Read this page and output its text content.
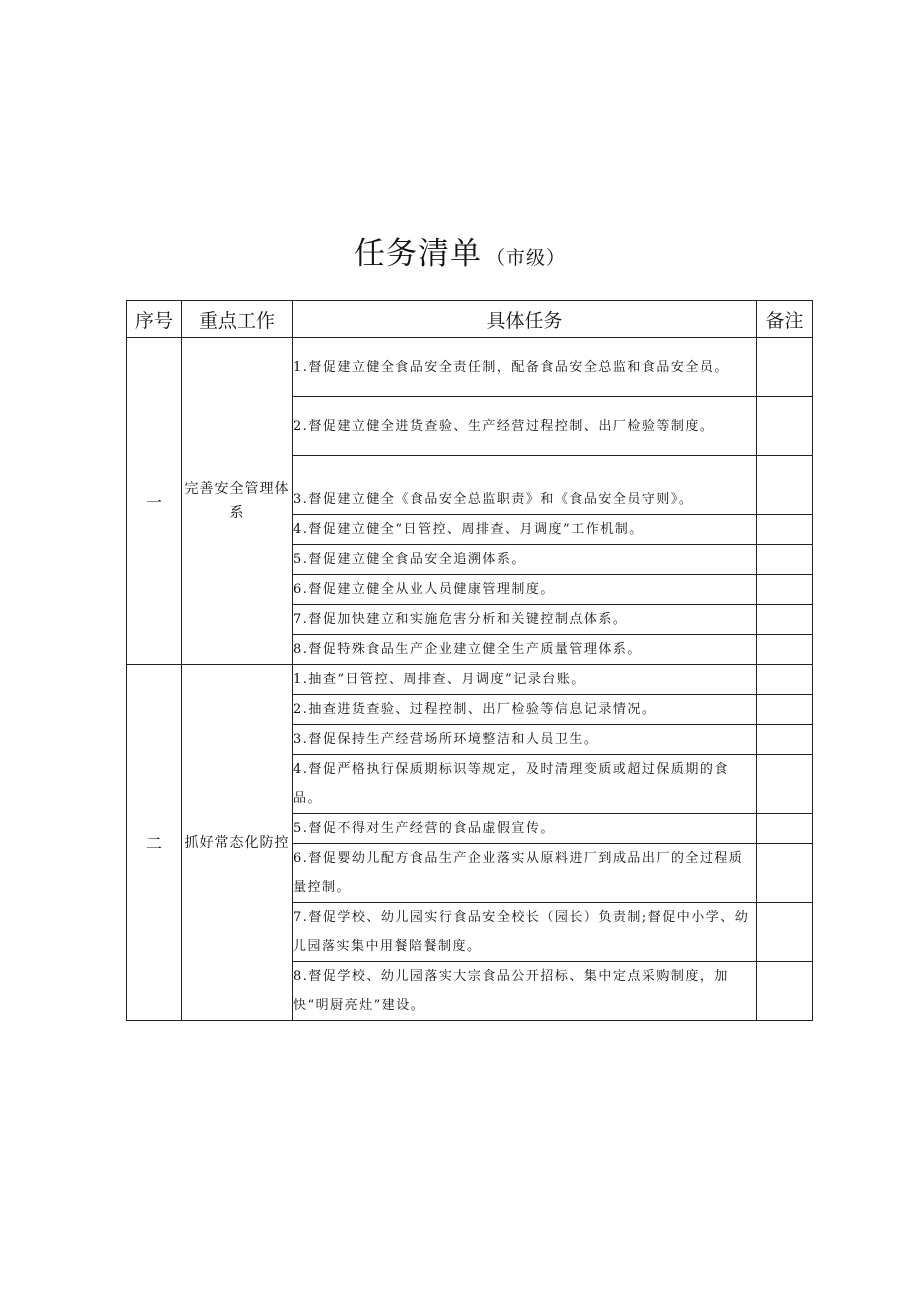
任务清单 （市级）
序号	重点工作	具体任务	备注
一	完善安全管理体系	1.督促建立健全食品安全责任制，配备食品安全总监和食品安全员。	
		2.督促建立健全进货查验、生产经营过程控制、出厂检验等制度。	
		3.督促建立健全《食品安全总监职责》和《食品安全员守则》。	
		4.督促建立健全“日管控、周排查、月调度”工作机制。	
		5.督促建立健全食品安全追溯体系。	
		6.督促建立健全从业人员健康管理制度。	
		7.督促加快建立和实施危害分析和关键控制点体系。	
		8.督促特殊食品生产企业建立健全生产质量管理体系。	
二	抓好常态化防控	1.抽查“日管控、周排查、月调度”记录台账。	
		2.抽查进货查验、过程控制、出厂检验等信息记录情况。	
		3.督促保持生产经营场所环境整洁和人员卫生。	
		4.督促严格执行保质期标识等规定，及时清理变质或超过保质期的食品。	
		5.督促不得对生产经营的食品虚假宣传。	
		6.督促婴幼儿配方食品生产企业落实从原料进厂到成品出厂的全过程质量控制。	
		7.督促学校、幼儿园实行食品安全校长（园长）负责制;督促中小学、幼儿园落实集中用餐陪餐制度。	
		8.督促学校、幼儿园落实大宗食品公开招标、集中定点采购制度，加快“明厨亮灶”建设。	
